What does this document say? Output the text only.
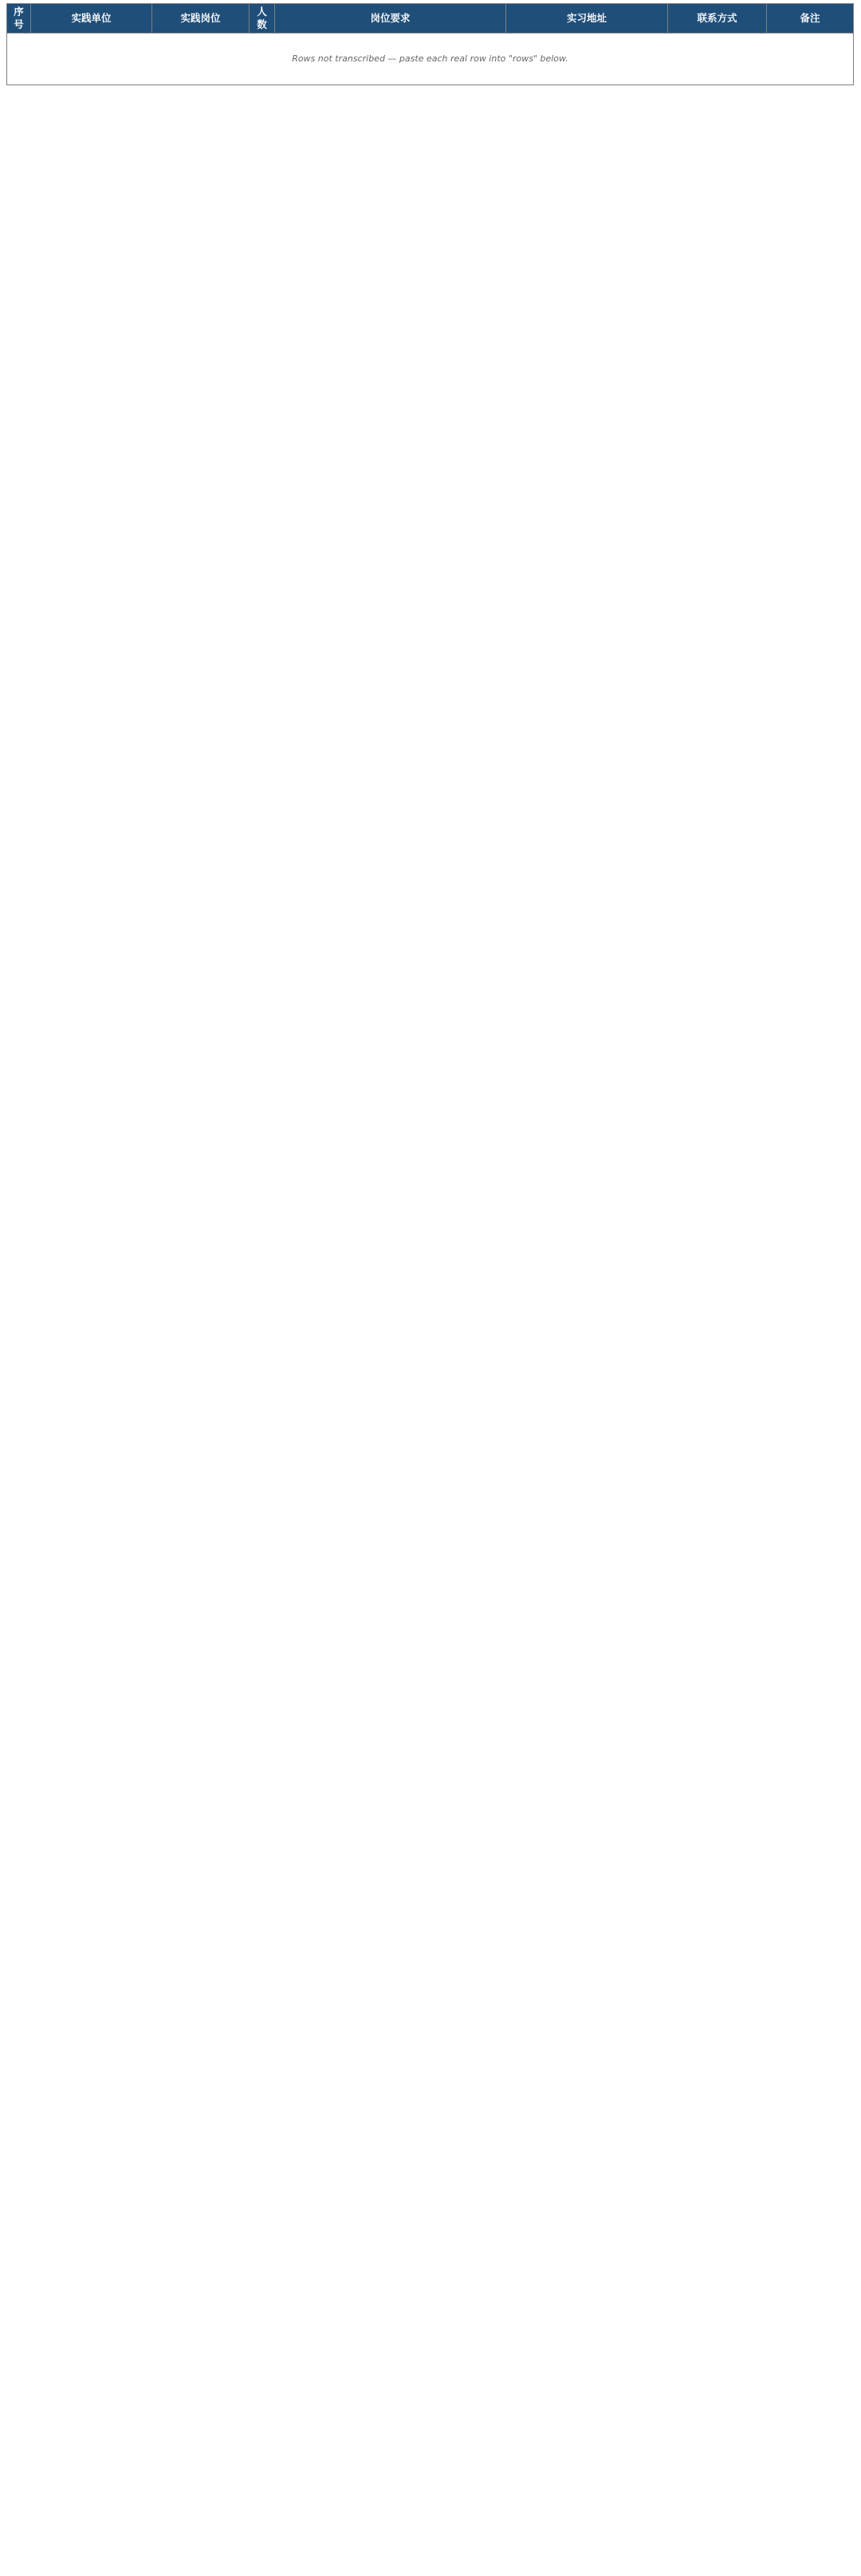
序号	实践单位	实践岗位	人数	岗位要求	实习地址	联系方式	备注
Rows not transcribed — paste each real row into "rows" below.
